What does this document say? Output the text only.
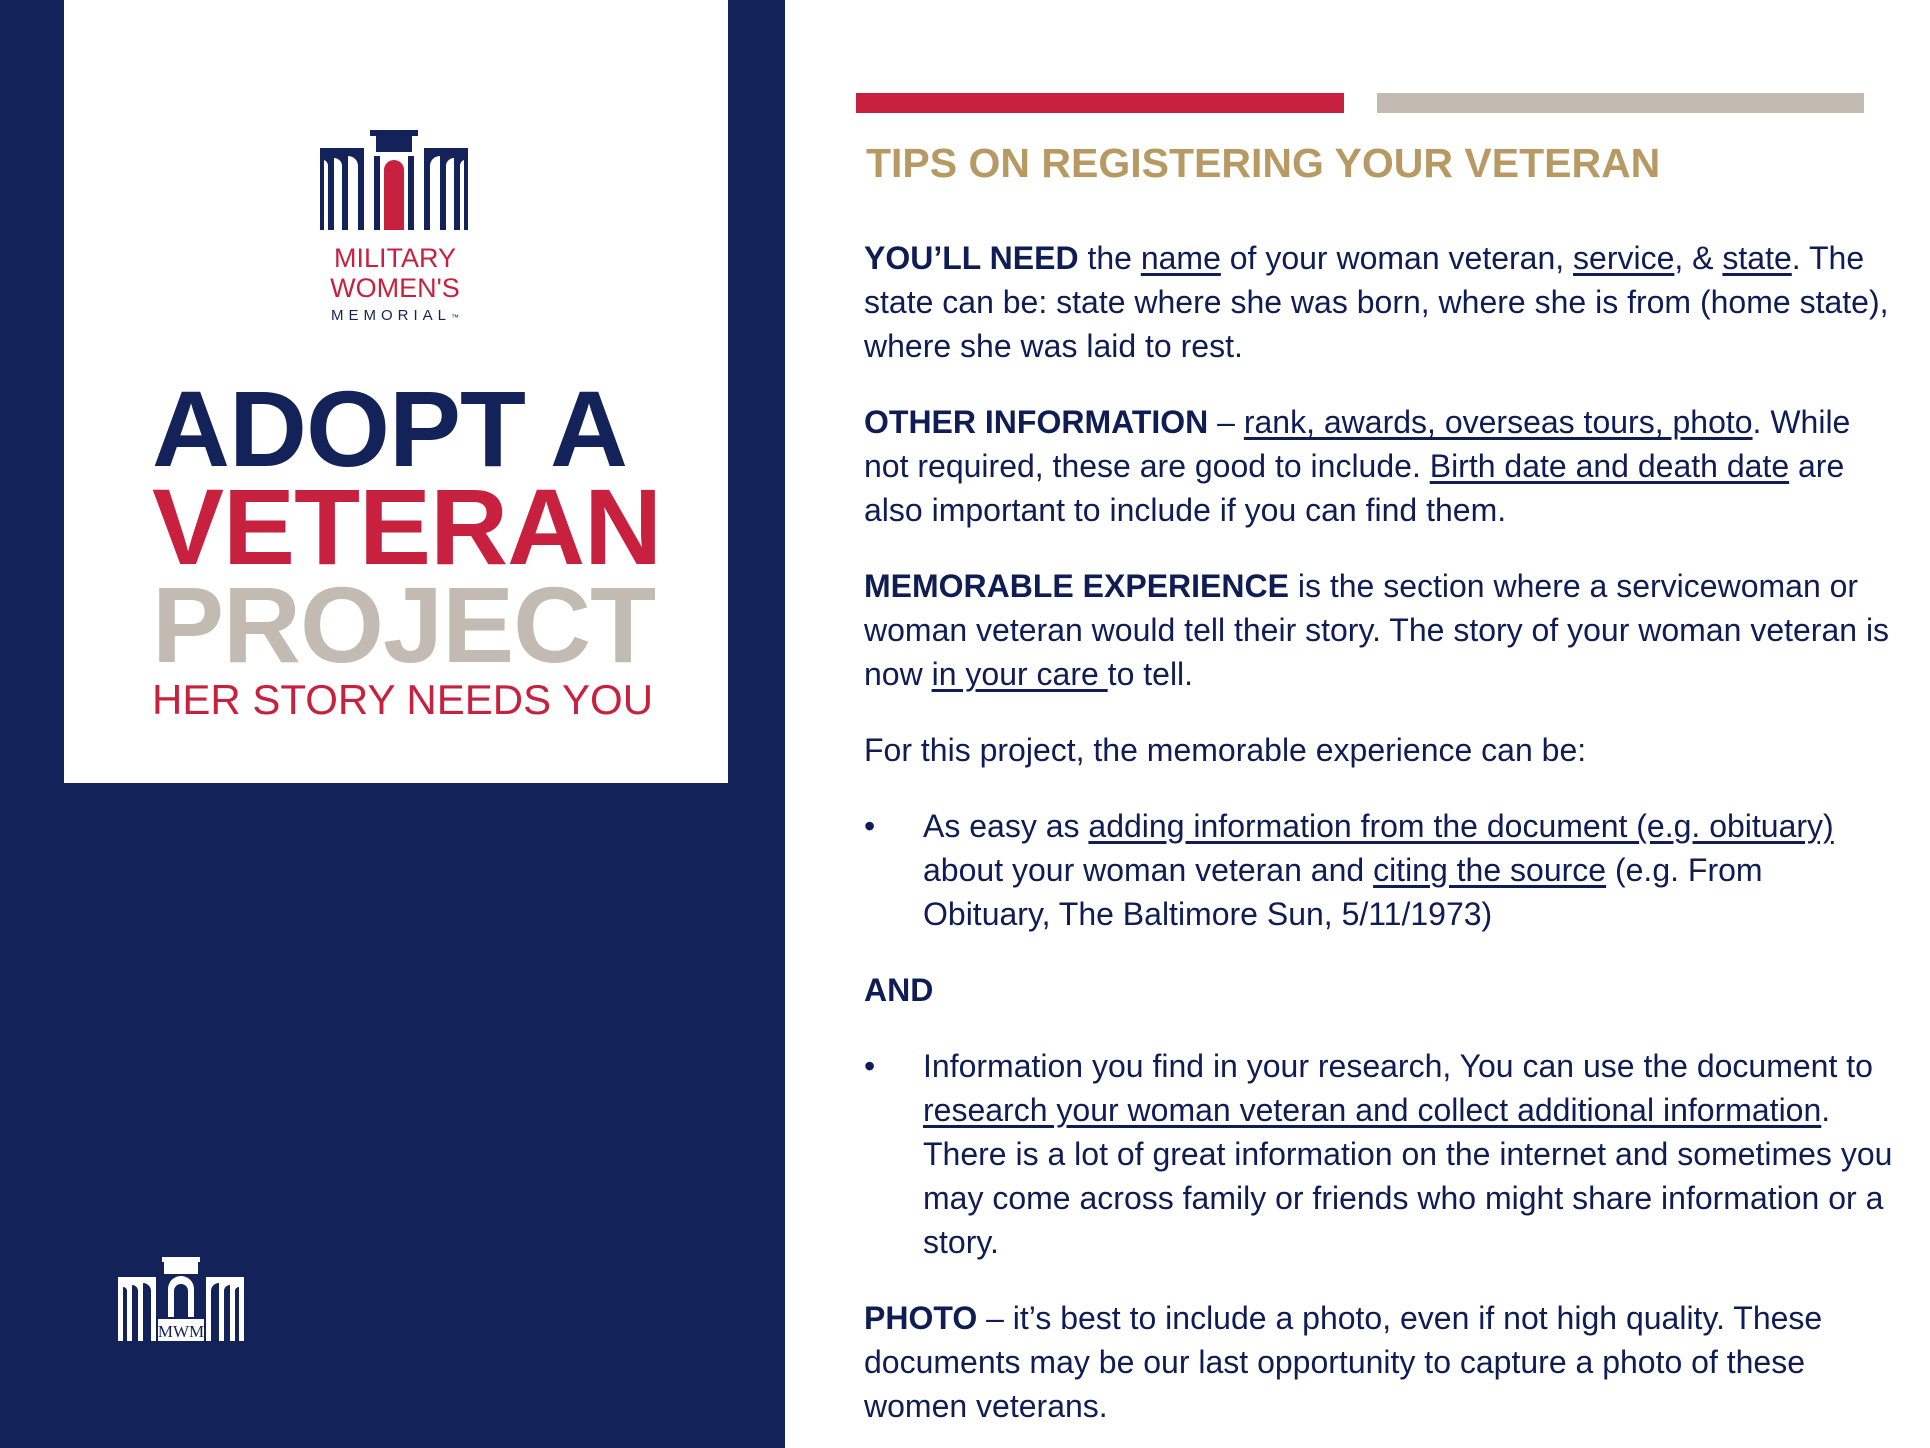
MILITARY
WOMEN'S
MEMORIAL™
ADOPT A
VETERAN
PROJECT
HER STORY NEEDS YOU
MWM
TIPS ON REGISTERING YOUR VETERAN

YOU’LL NEED the name of your woman veteran, service, & state. The state can be: state where she was born, where she is from (home state), where she was laid to rest.

OTHER INFORMATION – rank, awards, overseas tours, photo. While not required, these are good to include. Birth date and death date are also important to include if you can find them.

MEMORABLE EXPERIENCE is the section where a servicewoman or woman veteran would tell their story. The story of your woman veteran is now in your care to tell.

For this project, the memorable experience can be:

• As easy as adding information from the document (e.g. obituary) about your woman veteran and citing the source (e.g. From Obituary, The Baltimore Sun, 5/11/1973)

AND

• Information you find in your research, You can use the document to research your woman veteran and collect additional information. There is a lot of great information on the internet and sometimes you may come across family or friends who might share information or a story.

PHOTO – it’s best to include a photo, even if not high quality. These documents may be our last opportunity to capture a photo of these women veterans.
